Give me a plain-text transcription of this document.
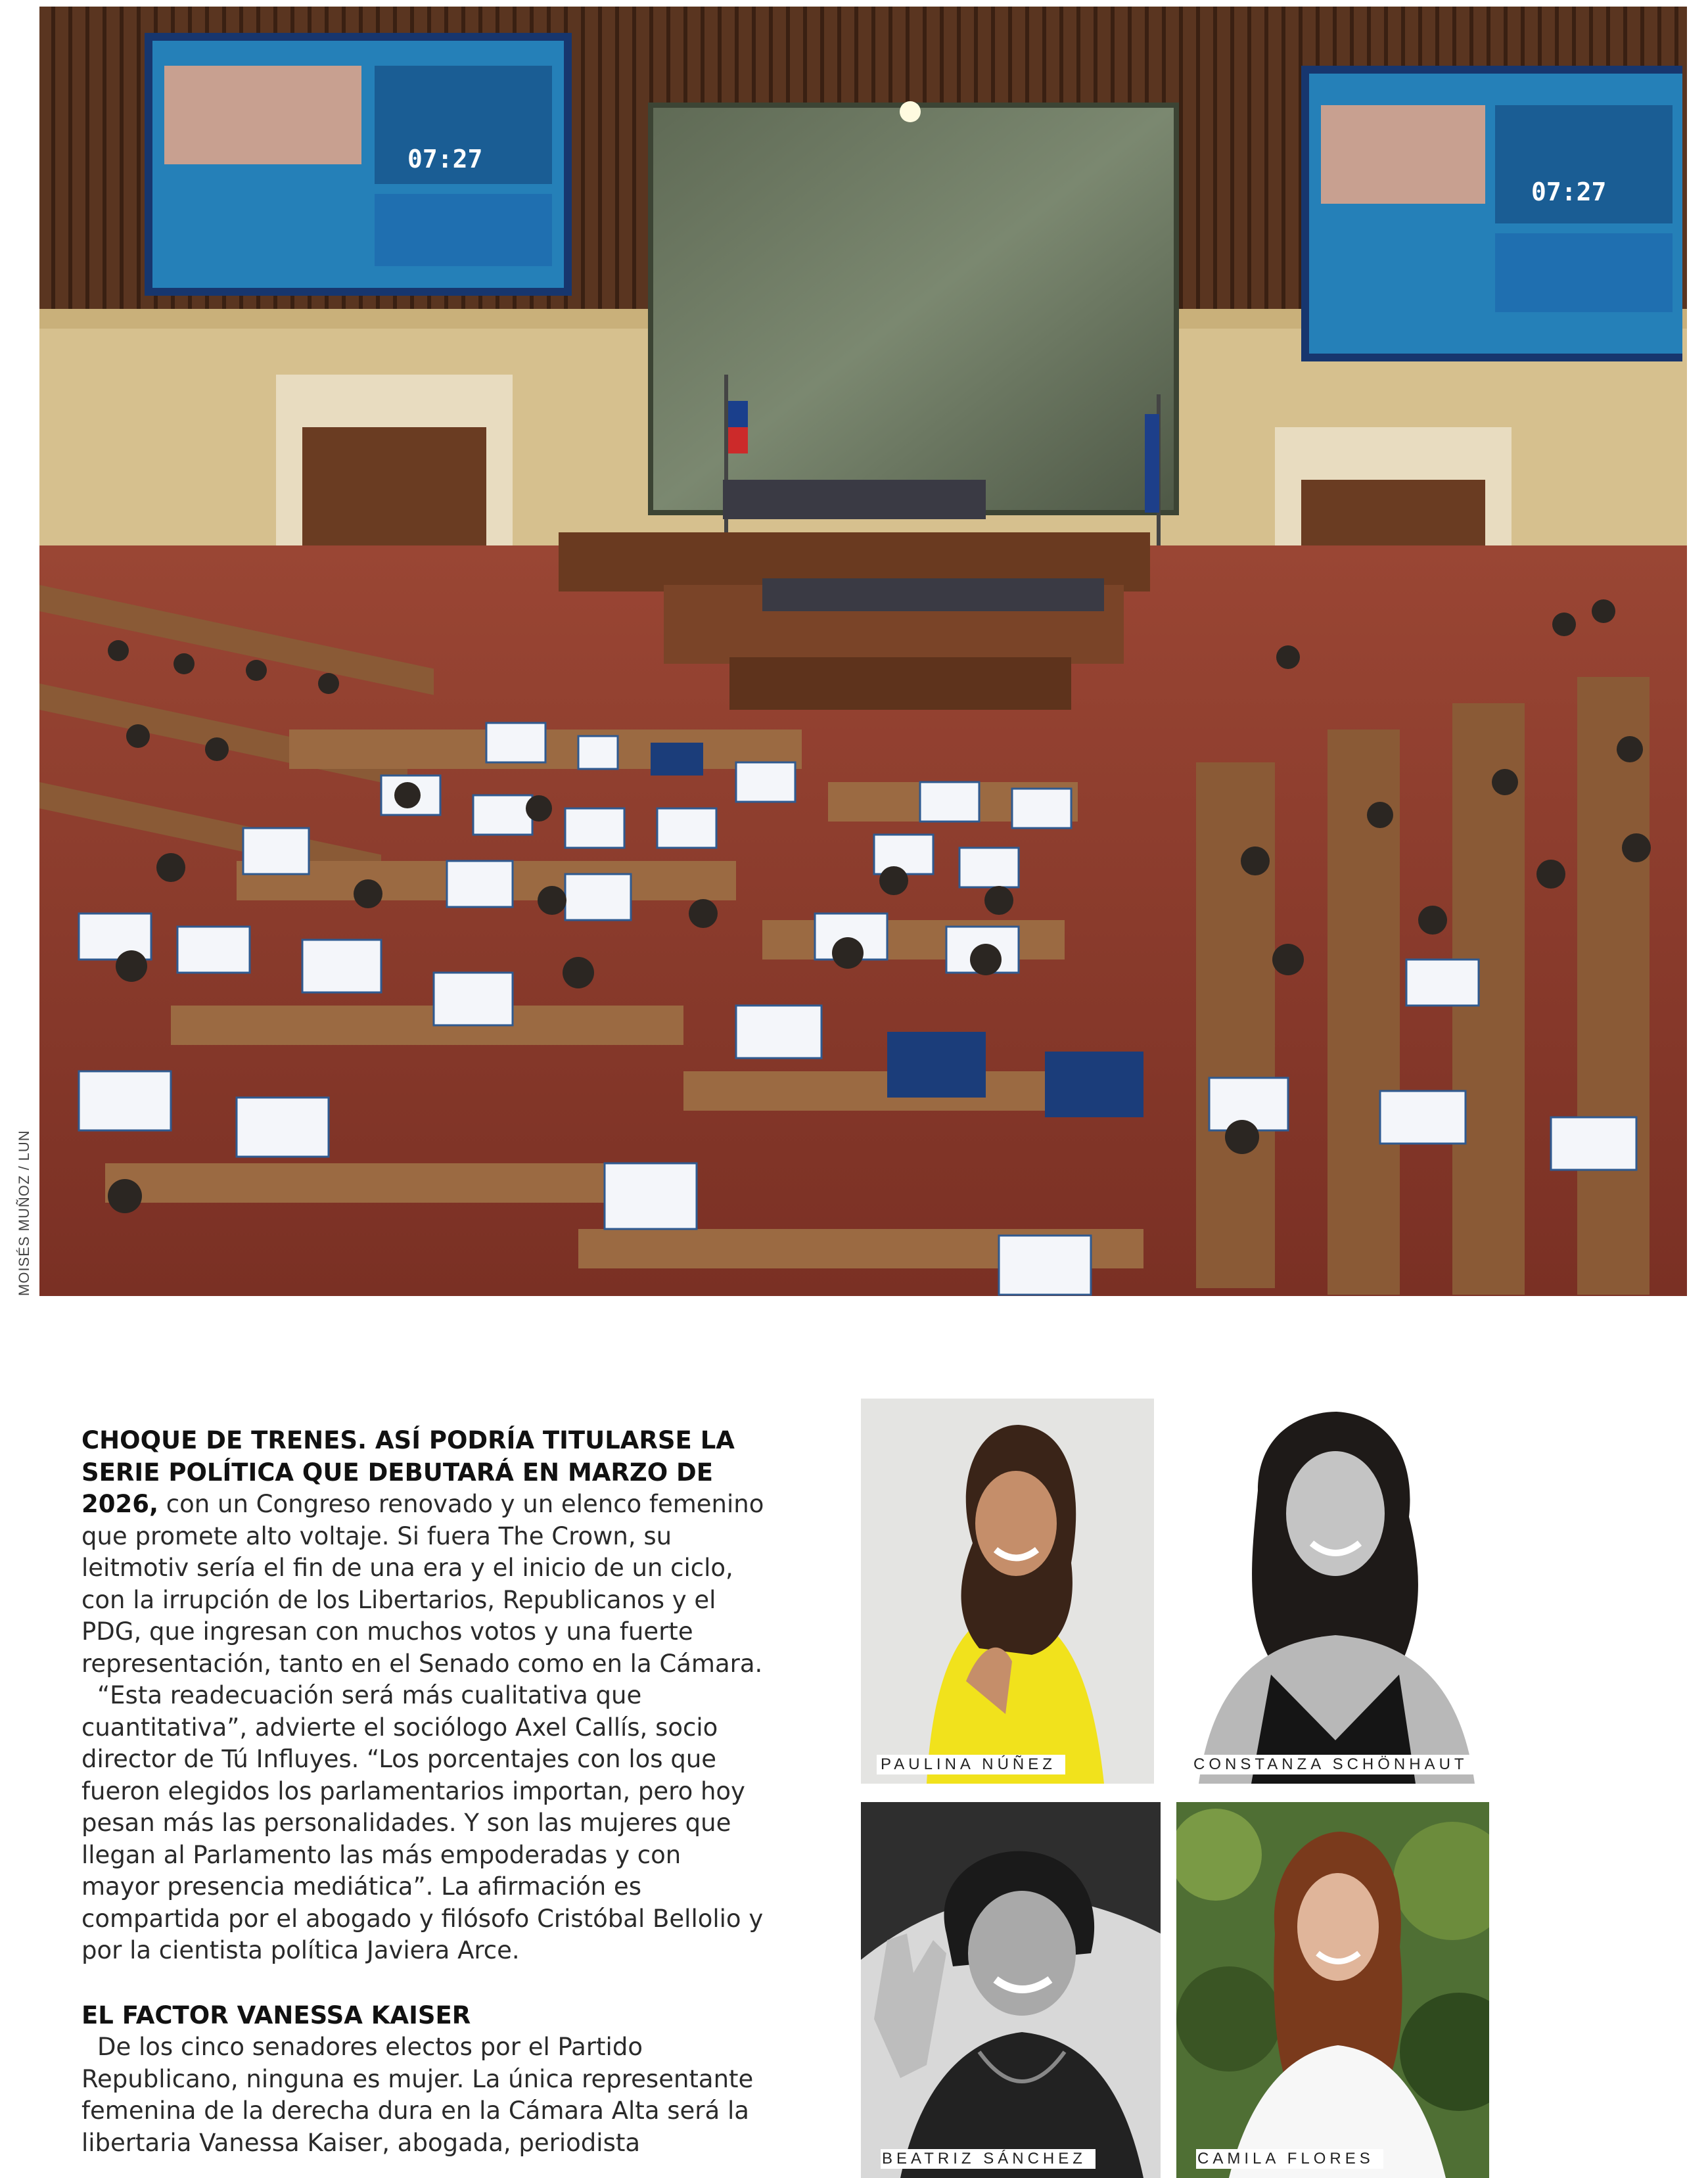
07:27
07:27
MOISÉS MUÑOZ / LUN

CHOQUE DE TRENES. ASÍ PODRÍA TITULARSE LA SERIE POLÍTICA QUE DEBUTARÁ EN MARZO DE 2026, con un Congreso renovado y un elenco femenino que promete alto voltaje. Si fuera The Crown, su leitmotiv sería el fin de una era y el inicio de un ciclo, con la irrupción de los Libertarios, Republicanos y el PDG, que ingresan con muchos votos y una fuerte representación, tanto en el Senado como en la Cámara.

“Esta readecuación será más cualitativa que cuantitativa”, advierte el sociólogo Axel Callís, socio director de Tú Influyes. “Los porcentajes con los que fueron elegidos los parlamentarios importan, pero hoy pesan más las personalidades. Y son las mujeres que llegan al Parlamento las más empoderadas y con mayor presencia mediática”. La afirmación es compartida por el abogado y filósofo Cristóbal Bellolio y por la cientista política Javiera Arce.

EL FACTOR VANESSA KAISER

De los cinco senadores electos por el Partido Republicano, ninguna es mujer. La única representante femenina de la derecha dura en la Cámara Alta será la libertaria Vanessa Kaiser, abogada, periodista

PAULINA NÚÑEZ	CONSTANZA SCHÖNHAUT
BEATRIZ SÁNCHEZ	CAMILA FLORES
